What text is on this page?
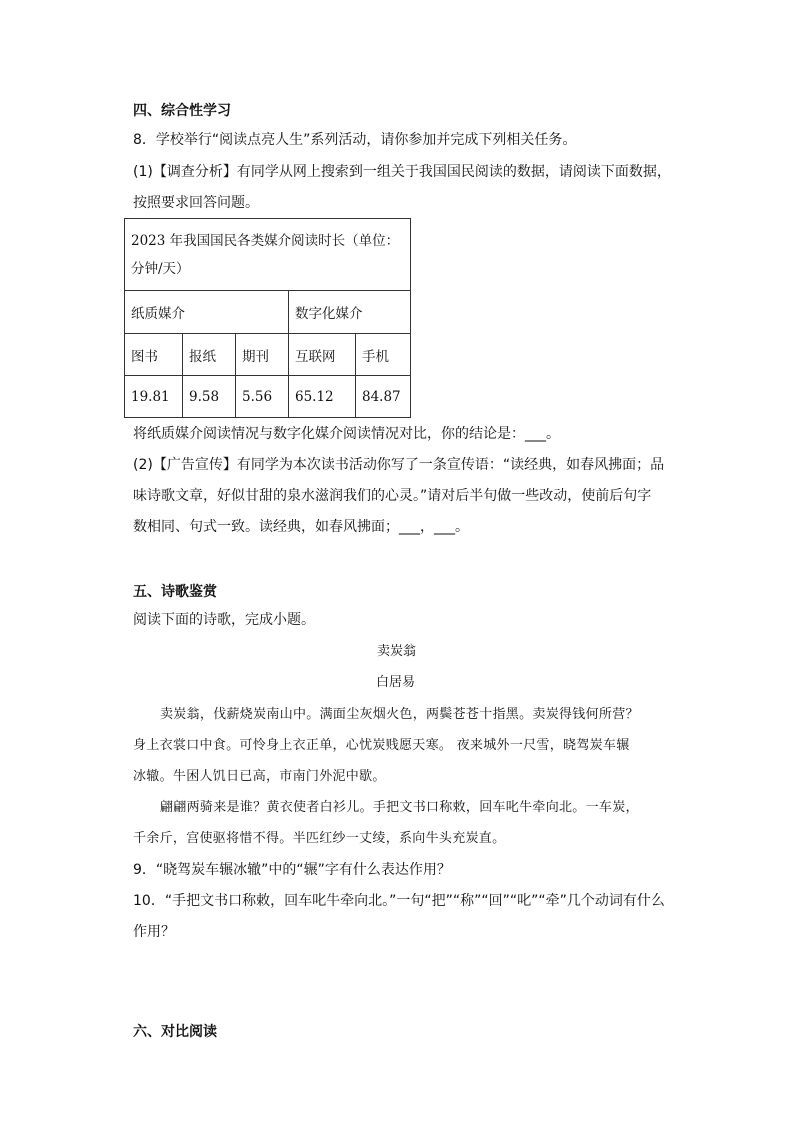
四、综合性学习
8．学校举行“阅读点亮人生”系列活动，请你参加并完成下列相关任务。
(1)【调查分析】有同学从网上搜索到一组关于我国国民阅读的数据，请阅读下面数据，
按照要求回答问题。
2023 年我国国民各类媒介阅读时长（单位：
分钟/天）				

纸质媒介			数字化媒介	
图书	报纸	期刊	互联网	手机
19.81	9.58	5.56	65.12	84.87
将纸质媒介阅读情况与数字化媒介阅读情况对比，你的结论是：___。
(2)【广告宣传】有同学为本次读书活动你写了一条宣传语：“读经典，如春风拂面；品
味诗歌文章，好似甘甜的泉水滋润我们的心灵。”请对后半句做一些改动，使前后句字
数相同、句式一致。读经典，如春风拂面；___，___。
五、诗歌鉴赏
阅读下面的诗歌，完成小题。
卖炭翁
白居易
卖炭翁，伐薪烧炭南山中。满面尘灰烟火色，两鬓苍苍十指黑。卖炭得钱何所营？
身上衣裳口中食。可怜身上衣正单，心忧炭贱愿天寒。 夜来城外一尺雪，晓驾炭车辗
冰辙。牛困人饥日已高，市南门外泥中歇。
翩翩两骑来是谁？黄衣使者白衫儿。手把文书口称敕，回车叱牛牵向北。一车炭，
千余斤，宫使驱将惜不得。半匹红纱一丈绫，系向牛头充炭直。
9．“晓驾炭车辗冰辙”中的“辗”字有什么表达作用？
10．“手把文书口称敕，回车叱牛牵向北。”一句“把”“称”“回”“叱”“牵”几个动词有什么
作用？
六、对比阅读
